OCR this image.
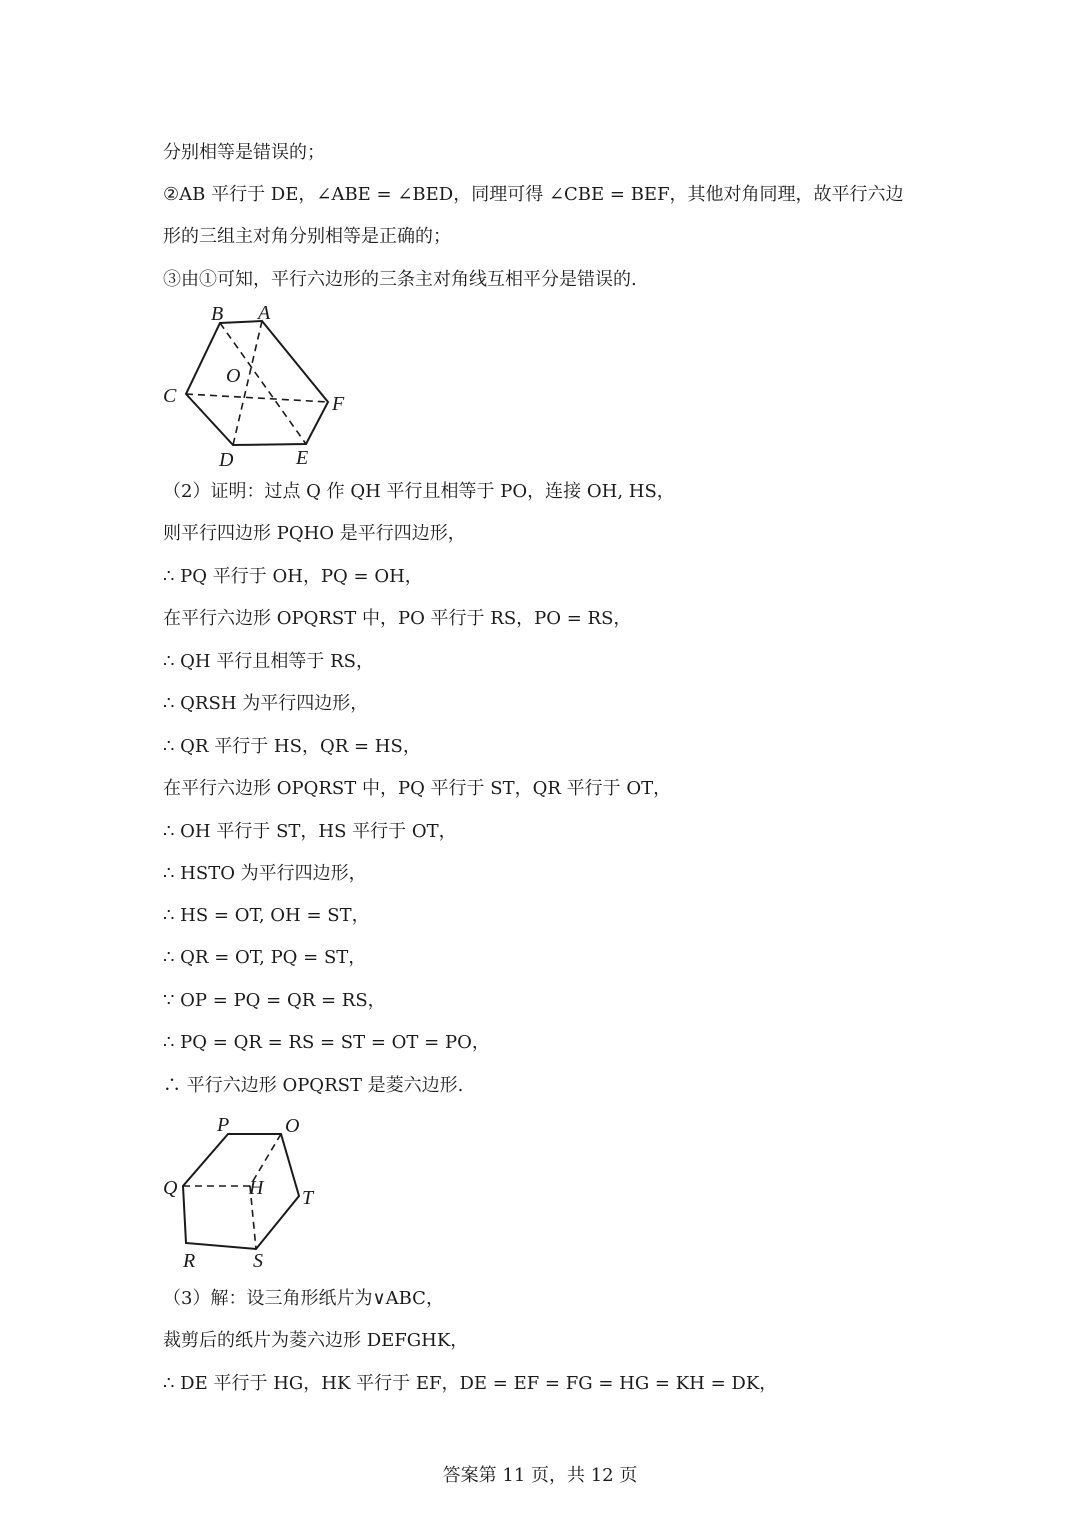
分别相等是错误的；
②AB 平行于 DE，∠ABE = ∠BED，同理可得 ∠CBE = BEF，其他对角同理，故平行六边
形的三组主对角分别相等是正确的；
③由①可知，平行六边形的三条主对角线互相平分是错误的.
B A
O
C	F
D	E
（2）证明：过点 Q 作 QH 平行且相等于 PO，连接 OH, HS，
则平行四边形 PQHO 是平行四边形，
∴ PQ 平行于 OH，PQ = OH，
在平行六边形 OPQRST 中，PO 平行于 RS，PO = RS，
∴ QH 平行且相等于 RS，
∴ QRSH 为平行四边形，
∴ QR 平行于 HS，QR = HS，
在平行六边形 OPQRST 中，PQ 平行于 ST，QR 平行于 OT，
∴ OH 平行于 ST，HS 平行于 OT，
∴ HSTO 为平行四边形，
∴ HS = OT, OH = ST，
∴ QR = OT, PQ = ST，
∵ OP = PQ = QR = RS，
∴ PQ = QR = RS = ST = OT = PO，
∴ 平行六边形 OPQRST 是菱六边形.
P	O
Q	H T
R	S
（3）解：设三角形纸片为∨ABC，
裁剪后的纸片为菱六边形 DEFGHK，
∴ DE 平行于 HG，HK 平行于 EF，DE = EF = FG = HG = KH = DK，
答案第 11 页，共 12 页
